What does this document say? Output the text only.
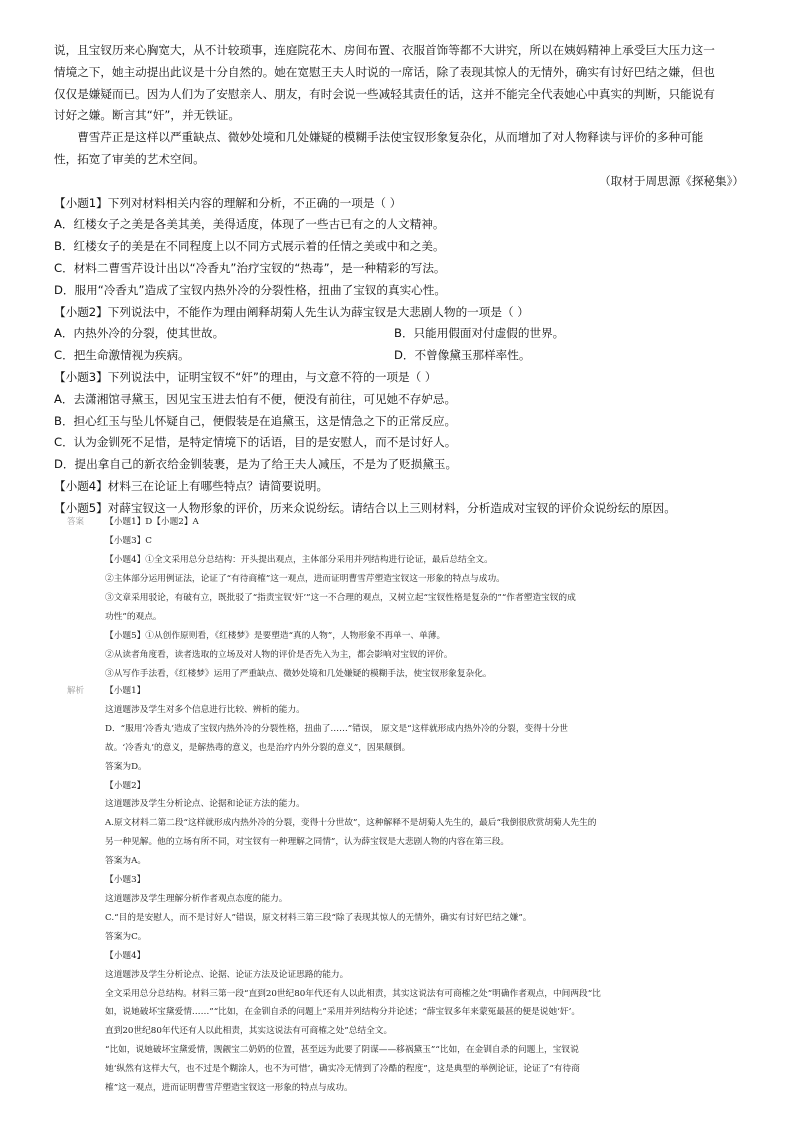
说，且宝钗历来心胸宽大，从不计较琐事，连庭院花木、房间布置、衣服首饰等都不大讲究，所以在姨妈精神上承受巨大压力这一

情境之下，她主动提出此议是十分自然的。她在宽慰王夫人时说的一席话，除了表现其惊人的无情外，确实有讨好巴结之嫌，但也

仅仅是嫌疑而已。因为人们为了安慰亲人、朋友，有时会说一些减轻其责任的话，这并不能完全代表她心中真实的判断，只能说有

讨好之嫌。断言其“奸”，并无铁证。

曹雪芹正是这样以严重缺点、微妙处境和几处嫌疑的模糊手法使宝钗形象复杂化，从而增加了对人物释读与评价的多种可能

性，拓宽了审美的艺术空间。

（取材于周思源《探秘集》）

【小题1】下列对材料相关内容的理解和分析，不正确的一项是（ ）

A．红楼女子之美是各美其美，美得适度，体现了一些古已有之的人文精神。

B．红楼女子的美是在不同程度上以不同方式展示着的任情之美或中和之美。

C．材料二曹雪芹设计出以“冷香丸”治疗宝钗的“热毒”，是一种精彩的写法。

D．服用“冷香丸”造成了宝钗内热外冷的分裂性格，扭曲了宝钗的真实心性。

【小题2】下列说法中，不能作为理由阐释胡菊人先生认为薛宝钗是大悲剧人物的一项是（ ）

A．内热外冷的分裂，使其世故。	B．只能用假面对付虚假的世界。

C．把生命激情视为疾病。	D．不曾像黛玉那样率性。

【小题3】下列说法中，证明宝钗不“奸”的理由，与文意不符的一项是（ ）

A．去潇湘馆寻黛玉，因见宝玉进去怕有不便，便没有前往，可见她不存妒忌。

B．担心红玉与坠儿怀疑自己，便假装是在追黛玉，这是情急之下的正常反应。

C．认为金钏死不足惜，是特定情境下的话语，目的是安慰人，而不是讨好人。

D．提出拿自己的新衣给金钏装裹，是为了给王夫人减压，不是为了贬损黛玉。

【小题4】材料三在论证上有哪些特点？请简要说明。

【小题5】对薛宝钗这一人物形象的评价，历来众说纷纭。请结合以上三则材料，分析造成对宝钗的评价众说纷纭的原因。

答案	【小题1】D【小题2】A

【小题3】C

【小题4】①全文采用总分总结构：开头提出观点，主体部分采用并列结构进行论证，最后总结全文。

②主体部分运用例证法，论证了“有待商榷”这一观点，进而证明曹雪芹塑造宝钗这一形象的特点与成功。

③文章采用驳论，有破有立，既批驳了“指责宝钗‘奸’”这一不合理的观点，又树立起“宝钗性格是复杂的”“作者塑造宝钗的成

功性”的观点。

【小题5】①从创作原则看，《红楼梦》是要塑造“真的人物”，人物形象不再单一、单薄。

②从读者角度看，读者选取的立场及对人物的评价是否先入为主，都会影响对宝钗的评价。

③从写作手法看，《红楼梦》运用了严重缺点、微妙处境和几处嫌疑的模糊手法，使宝钗形象复杂化。

解析	【小题1】

这道题涉及学生对多个信息进行比较、辨析的能力。

D．“服用‘冷香丸’造成了宝钗内热外冷的分裂性格，扭曲了……”错误， 原文是“这样就形成内热外冷的分裂，变得十分世

故。‘冷香丸’的意义，是解热毒的意义，也是治疗内外分裂的意义”，因果颠倒。

答案为D。

【小题2】

这道题涉及学生分析论点、论据和论证方法的能力。

A.原文材料二第二段“这样就形成内热外冷的分裂，变得十分世故”，这种解释不是胡菊人先生的，最后“我倒很欣赏胡菊人先生的

另一种见解。他的立场有所不同，对宝钗有一种理解之同情”，认为薛宝钗是大悲剧人物的内容在第三段。

答案为A。

【小题3】

这道题涉及学生理解分析作者观点态度的能力。

C.“目的是安慰人，而不是讨好人”错误，原文材料三第三段“除了表现其惊人的无情外，确实有讨好巴结之嫌”。

答案为C。

【小题4】

这道题涉及学生分析论点、论据、论证方法及论证思路的能力。

全文采用总分总结构。材料三第一段“直到20世纪80年代还有人以此相责，其实这说法有可商榷之处”明确作者观点，中间两段“比

如，说她破坏宝黛爱情……”“比如，在金钏自杀的问题上”采用并列结构分并论述；“薛宝钗多年来蒙冤最甚的便是说她‘奸’。

直到20世纪80年代还有人以此相责，其实这说法有可商榷之处”总结全文。

“比如，说她破坏宝黛爱情，觊觎宝二奶奶的位置，甚至远为此要了阴谋——移祸黛玉”“比如，在金钏自杀的问题上，宝钗说

她‘纵然有这样大气，也不过是个糊涂人，也不为可惜’，确实冷无情到了冷酷的程度”，这是典型的举例论证，论证了“有待商

榷”这一观点，进而证明曹雪芹塑造宝钗这一形象的特点与成功。
